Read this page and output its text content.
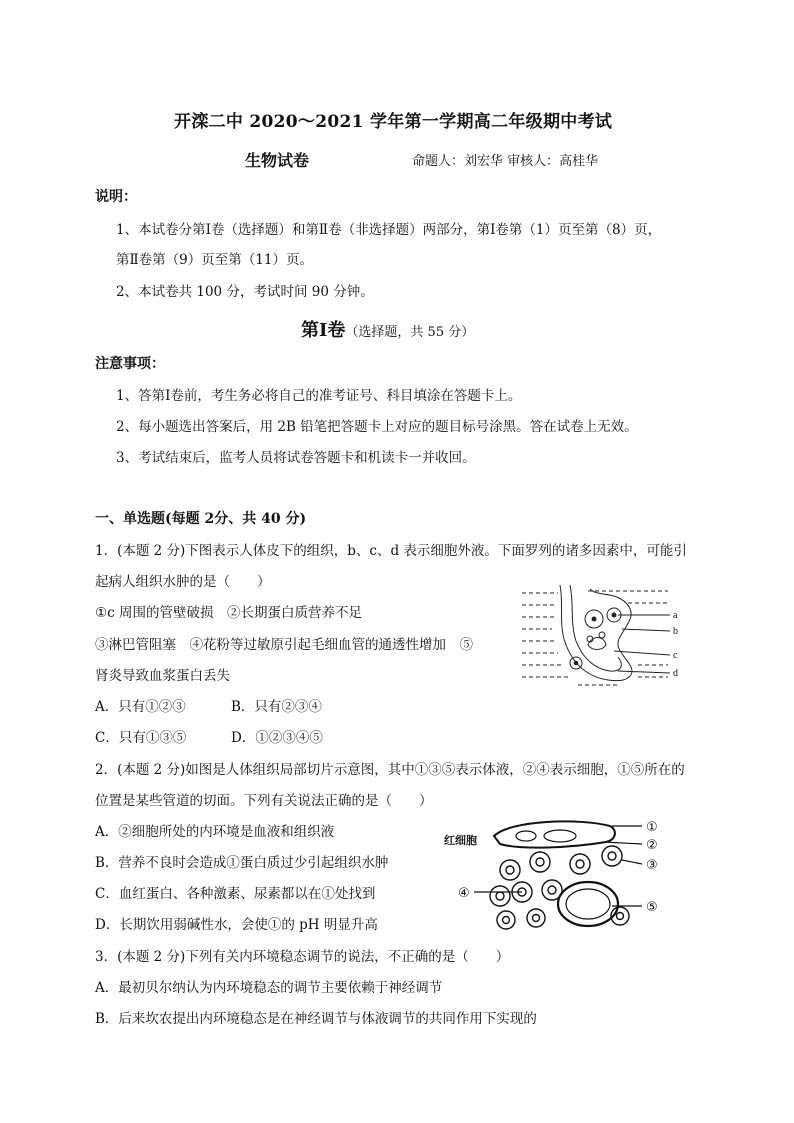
开滦二中 2020～2021 学年第一学期高二年级期中考试
生物试卷	命题人：刘宏华 审核人：高桂华
说明：
1、本试卷分第Ⅰ卷（选择题）和第Ⅱ卷（非选择题）两部分，第Ⅰ卷第（1）页至第（8）页，
第Ⅱ卷第（9）页至第（11）页。
2、本试卷共 100 分，考试时间 90 分钟。
第Ⅰ卷（选择题，共 55 分）
注意事项：
1、答第Ⅰ卷前，考生务必将自己的准考证号、科目填涂在答题卡上。
2、每小题选出答案后，用 2B 铅笔把答题卡上对应的题目标号涂黑。答在试卷上无效。
3、考试结束后，监考人员将试卷答题卡和机读卡一并收回。
一、单选题(每题 2分、共 40 分)
1．(本题 2 分)下图表示人体皮下的组织，b、c、d 表示细胞外液。下面罗列的诸多因素中，可能引
起病人组织水肿的是（　　）
①c 周围的管壁破损　②长期蛋白质营养不足
③淋巴管阻塞　④花粉等过敏原引起毛细血管的通透性增加　⑤
肾炎导致血浆蛋白丢失
A．只有①②③	B．只有②③④
C．只有①③⑤	D．①②③④⑤
a
b
c
d
2．(本题 2 分)如图是人体组织局部切片示意图，其中①③⑤表示体液，②④表示细胞，①⑤所在的
位置是某些管道的切面。下列有关说法正确的是（　　）
A．②细胞所处的内环境是血液和组织液
B．营养不良时会造成①蛋白质过少引起组织水肿
C．血红蛋白、各种激素、尿素都以在①处找到
D．长期饮用弱碱性水，会使①的 pH 明显升高
红细胞
①
②
③
④
⑤
3．(本题 2 分)下列有关内环境稳态调节的说法，不正确的是（　　）
A．最初贝尔纳认为内环境稳态的调节主要依赖于神经调节
B．后来坎农提出内环境稳态是在神经调节与体液调节的共同作用下实现的
